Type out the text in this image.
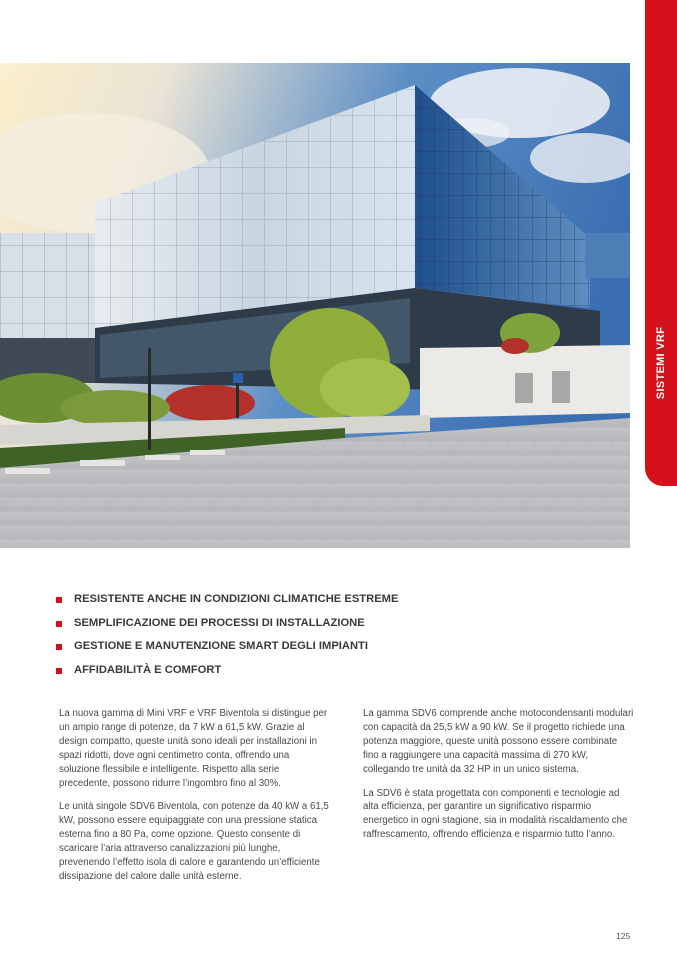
SISTEMI VRF
RESISTENTE ANCHE IN CONDIZIONI CLIMATICHE ESTREME
SEMPLIFICAZIONE DEI PROCESSI DI INSTALLAZIONE
GESTIONE E MANUTENZIONE SMART DEGLI IMPIANTI
AFFIDABILITÀ E COMFORT

La nuova gamma di Mini VRF e VRF Biventola si distingue per un ampio range di potenze, da 7 kW a 61,5 kW. Grazie al design compatto, queste unità sono ideali per installazioni in spazi ridotti, dove ogni centimetro conta, offrendo una soluzione flessibile e intelligente. Rispetto alla serie precedente, possono ridurre l’ingombro fino al 30%.

Le unità singole SDV6 Biventola, con potenze da 40 kW a 61,5 kW, possono essere equipaggiate con una pressione statica esterna fino a 80 Pa, come opzione. Questo consente di scaricare l’aria attraverso canalizzazioni più lunghe, prevenendo l’effetto isola di calore e garantendo un’efficiente dissipazione del calore dalle unità esterne.

La gamma SDV6 comprende anche motocondensanti modulari con capacità da 25,5 kW a 90 kW. Se il progetto richiede una potenza maggiore, queste unità possono essere combinate fino a raggiungere una capacità massima di 270 kW, collegando tre unità da 32 HP in un unico sistema.

La SDV6 è stata progettata con componenti e tecnologie ad alta efficienza, per garantire un significativo risparmio energetico in ogni stagione, sia in modalità riscaldamento che raffrescamento, offrendo efficienza e risparmio tutto l’anno.

125
